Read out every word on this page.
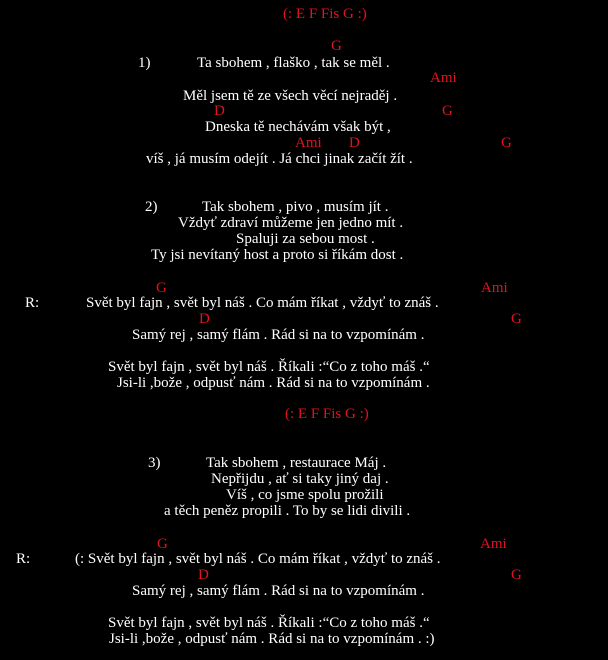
(: E F Fis G :)
G
1)	Ta sbohem , flaško , tak se měl .
Ami
Měl jsem tě ze všech věcí nejraděj .
D	G
Dneska tě nechávám však být ,
Ami D	G
víš , já musím odejít . Já chci jinak začít žít .
2)	Tak sbohem , pivo , musím jít .
Vždyť zdraví můžeme jen jedno mít .
Spaluji za sebou most .
Ty jsi nevítaný host a proto si říkám dost .
G	Ami
R:	Svět byl fajn , svět byl náš . Co mám říkat , vždyť to znáš .
D	G
Samý rej , samý flám . Rád si na to vzpomínám .
Svět byl fajn , svět byl náš . Říkali :“Co z toho máš .“
Jsi-li ,bože , odpusť nám . Rád si na to vzpomínám .
(: E F Fis G :)
3)	Tak sbohem , restaurace Máj .
Nepřijdu , ať si taky jiný daj .
Víš , co jsme spolu prožili
a těch peněz propili . To by se lidi divili .
G	Ami
R:	(: Svět byl fajn , svět byl náš . Co mám říkat , vždyť to znáš .
D	G
Samý rej , samý flám . Rád si na to vzpomínám .
Svět byl fajn , svět byl náš . Říkali :“Co z toho máš .“
Jsi-li ,bože , odpusť nám . Rád si na to vzpomínám . :)
